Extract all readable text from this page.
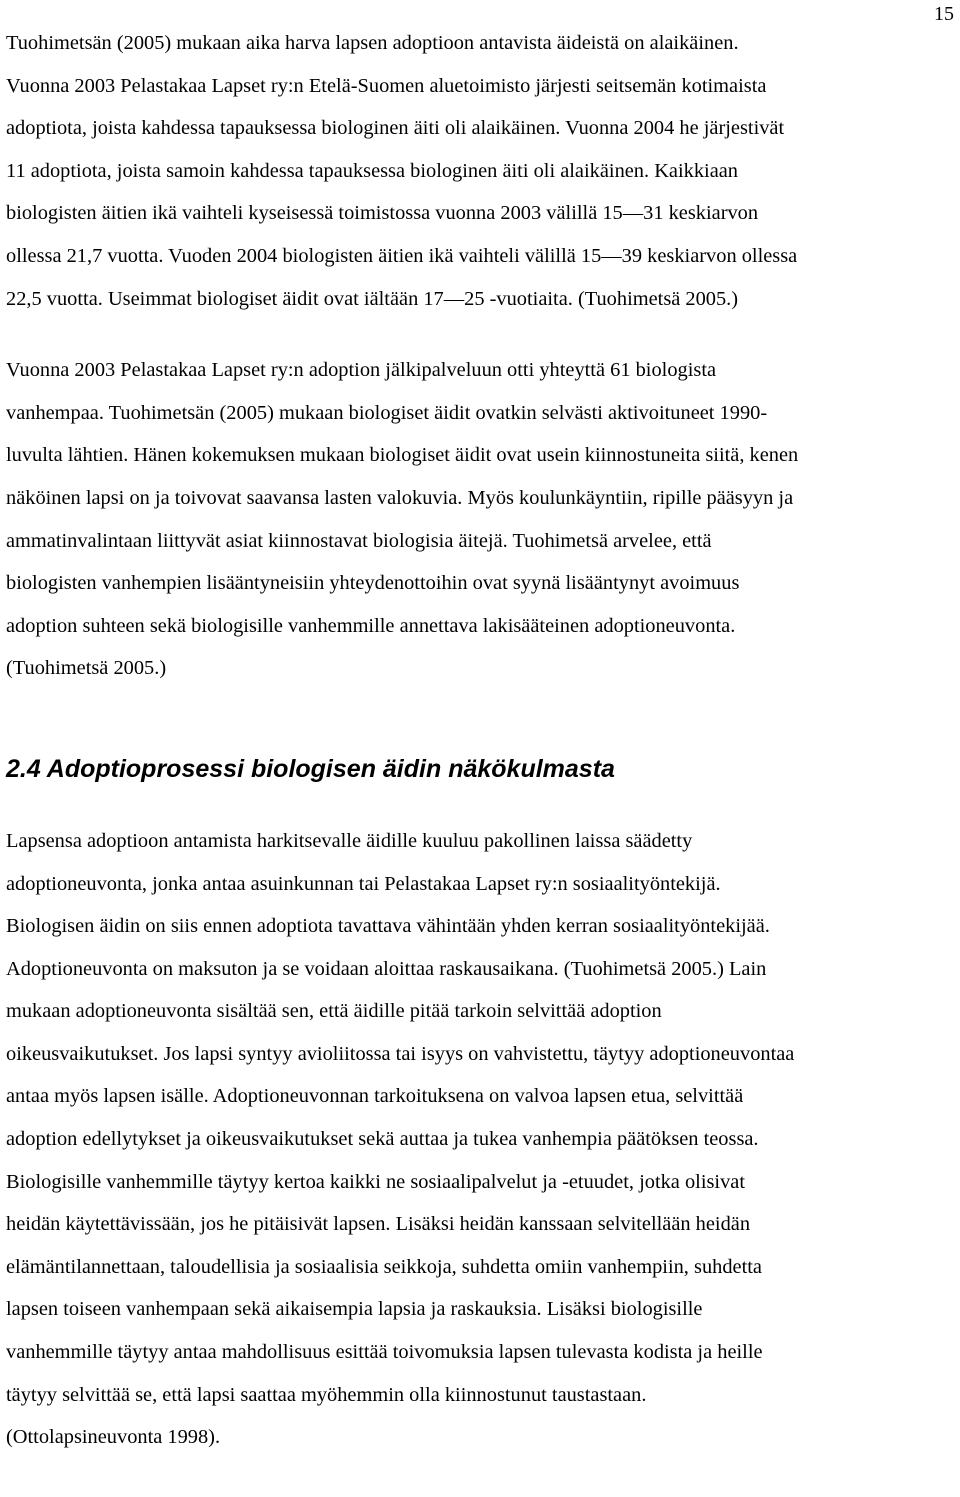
15

Tuohimetsän (2005) mukaan aika harva lapsen adoptioon antavista äideistä on alaikäinen.
Vuonna 2003 Pelastakaa Lapset ry:n Etelä-Suomen aluetoimisto järjesti seitsemän kotimaista
adoptiota, joista kahdessa tapauksessa biologinen äiti oli alaikäinen. Vuonna 2004 he järjestivät
11 adoptiota, joista samoin kahdessa tapauksessa biologinen äiti oli alaikäinen. Kaikkiaan
biologisten äitien ikä vaihteli kyseisessä toimistossa vuonna 2003 välillä 15—31 keskiarvon
ollessa 21,7 vuotta. Vuoden 2004 biologisten äitien ikä vaihteli välillä 15—39 keskiarvon ollessa
22,5 vuotta. Useimmat biologiset äidit ovat iältään 17—25 -vuotiaita. (Tuohimetsä 2005.)

Vuonna 2003 Pelastakaa Lapset ry:n adoption jälkipalveluun otti yhteyttä 61 biologista
vanhempaa. Tuohimetsän (2005) mukaan biologiset äidit ovatkin selvästi aktivoituneet 1990-
luvulta lähtien. Hänen kokemuksen mukaan biologiset äidit ovat usein kiinnostuneita siitä, kenen
näköinen lapsi on ja toivovat saavansa lasten valokuvia. Myös koulunkäyntiin, ripille pääsyyn ja
ammatinvalintaan liittyvät asiat kiinnostavat biologisia äitejä. Tuohimetsä arvelee, että
biologisten vanhempien lisääntyneisiin yhteydenottoihin ovat syynä lisääntynyt avoimuus
adoption suhteen sekä biologisille vanhemmille annettava lakisääteinen adoptioneuvonta.
(Tuohimetsä 2005.)

2.4 Adoptioprosessi biologisen äidin näkökulmasta

Lapsensa adoptioon antamista harkitsevalle äidille kuuluu pakollinen laissa säädetty
adoptioneuvonta, jonka antaa asuinkunnan tai Pelastakaa Lapset ry:n sosiaalityöntekijä.
Biologisen äidin on siis ennen adoptiota tavattava vähintään yhden kerran sosiaalityöntekijää.
Adoptioneuvonta on maksuton ja se voidaan aloittaa raskausaikana. (Tuohimetsä 2005.) Lain
mukaan adoptioneuvonta sisältää sen, että äidille pitää tarkoin selvittää adoption
oikeusvaikutukset. Jos lapsi syntyy avioliitossa tai isyys on vahvistettu, täytyy adoptioneuvontaa
antaa myös lapsen isälle. Adoptioneuvonnan tarkoituksena on valvoa lapsen etua, selvittää
adoption edellytykset ja oikeusvaikutukset sekä auttaa ja tukea vanhempia päätöksen teossa.
Biologisille vanhemmille täytyy kertoa kaikki ne sosiaalipalvelut ja -etuudet, jotka olisivat
heidän käytettävissään, jos he pitäisivät lapsen. Lisäksi heidän kanssaan selvitellään heidän
elämäntilannettaan, taloudellisia ja sosiaalisia seikkoja, suhdetta omiin vanhempiin, suhdetta
lapsen toiseen vanhempaan sekä aikaisempia lapsia ja raskauksia. Lisäksi biologisille
vanhemmille täytyy antaa mahdollisuus esittää toivomuksia lapsen tulevasta kodista ja heille
täytyy selvittää se, että lapsi saattaa myöhemmin olla kiinnostunut taustastaan.
(Ottolapsineuvonta 1998).
